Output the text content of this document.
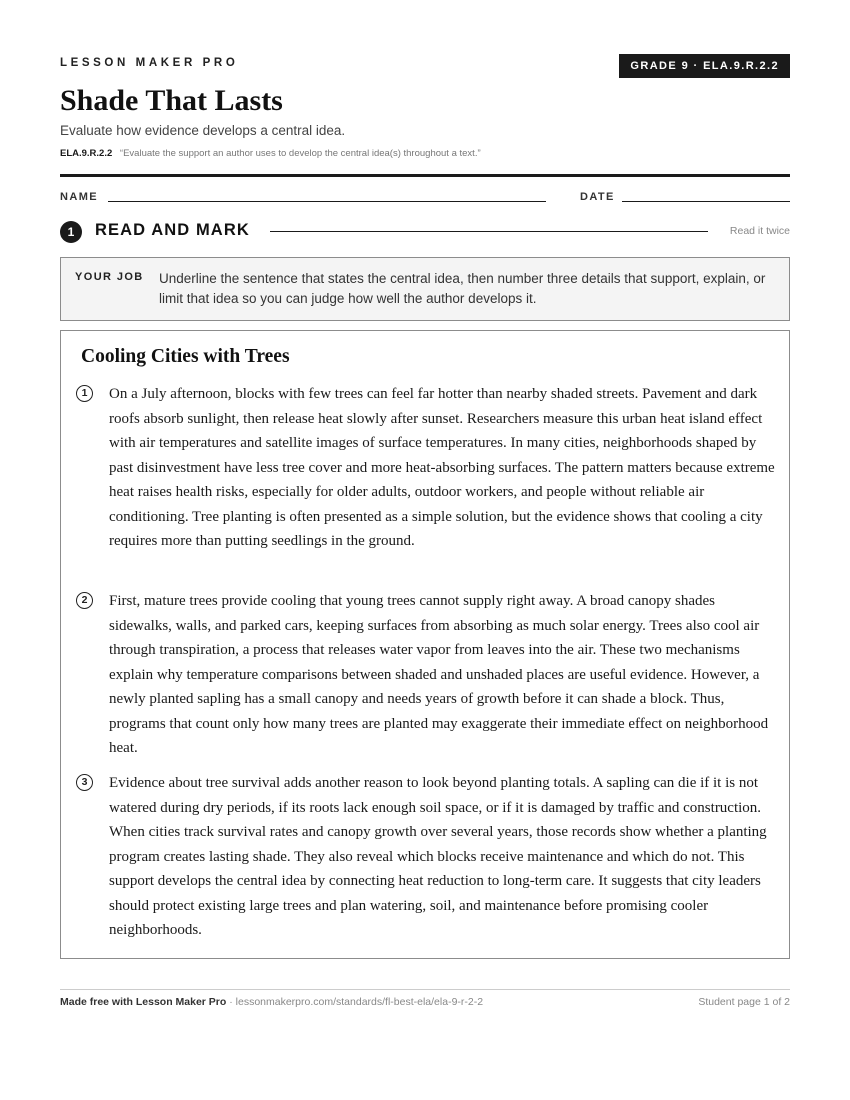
LESSON MAKER PRO	GRADE 9 · ELA.9.R.2.2
Shade That Lasts
Evaluate how evidence develops a central idea.
ELA.9.R.2.2 “Evaluate the support an author uses to develop the central idea(s) throughout a text.”
NAME	DATE
1	READ AND MARK	Read it twice
YOUR JOB Underline the sentence that states the central idea, then number three details that support, explain, or limit that idea so you can judge how well the author develops it.
Cooling Cities with Trees
1	On a July afternoon, blocks with few trees can feel far hotter than nearby shaded streets. Pavement and dark roofs absorb sunlight, then release heat slowly after sunset. Researchers measure this urban heat island effect with air temperatures and satellite images of surface temperatures. In many cities, neighborhoods shaped by past disinvestment have less tree cover and more heat-absorbing surfaces. The pattern matters because extreme heat raises health risks, especially for older adults, outdoor workers, and people without reliable air conditioning. Tree planting is often presented as a simple solution, but the evidence shows that cooling a city requires more than putting seedlings in the ground.

2	First, mature trees provide cooling that young trees cannot supply right away. A broad canopy shades sidewalks, walls, and parked cars, keeping surfaces from absorbing as much solar energy. Trees also cool air through transpiration, a process that releases water vapor from leaves into the air. These two mechanisms explain why temperature comparisons between shaded and unshaded places are useful evidence. However, a newly planted sapling has a small canopy and needs years of growth before it can shade a block. Thus, programs that count only how many trees are planted may exaggerate their immediate effect on neighborhood heat.

3	Evidence about tree survival adds another reason to look beyond planting totals. A sapling can die if it is not watered during dry periods, if its roots lack enough soil space, or if it is damaged by traffic and construction. When cities track survival rates and canopy growth over several years, those records show whether a planting program creates lasting shade. They also reveal which blocks receive maintenance and which do not. This support develops the central idea by connecting heat reduction to long-term care. It suggests that city leaders should protect existing large trees and plan watering, soil, and maintenance before promising cooler neighborhoods.

Made free with Lesson Maker Pro · lessonmakerpro.com/standards/fl-best-ela/ela-9-r-2-2	Student page 1 of 2
